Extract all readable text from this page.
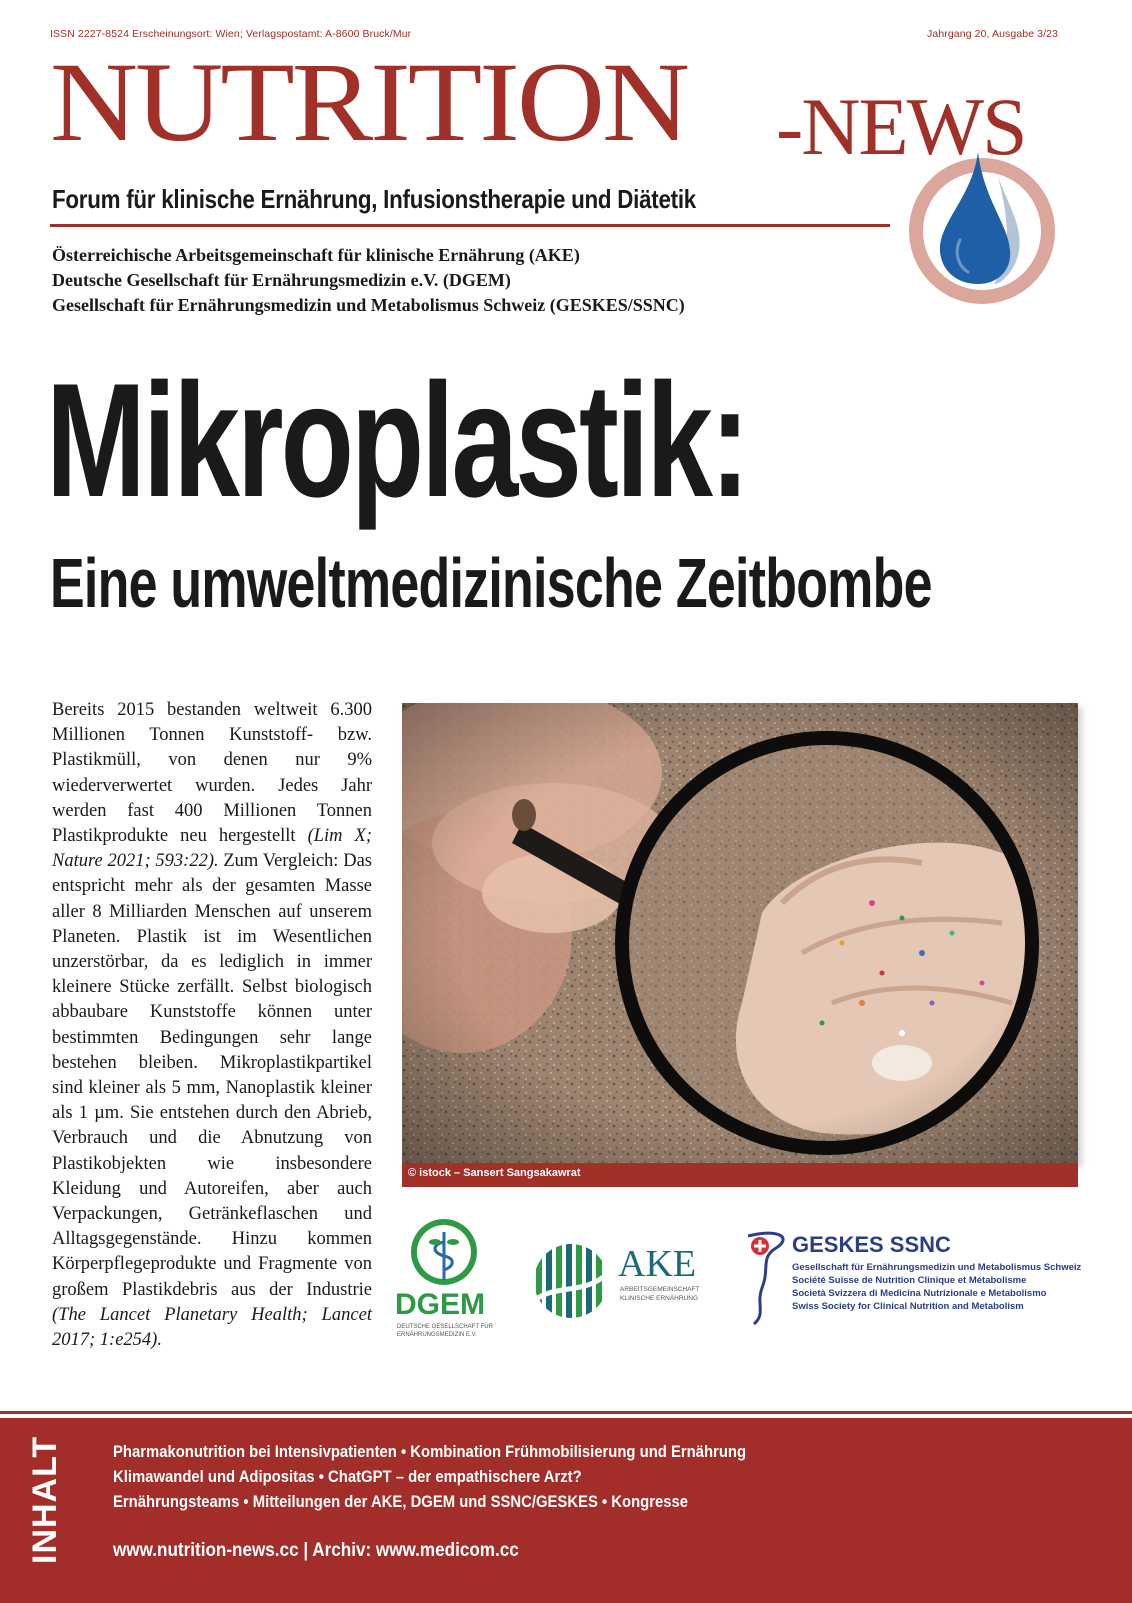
ISSN 2227-8524 Erscheinungsort: Wien; Verlagspostamt: A-8600 Bruck/Mur	Jahrgang 20, Ausgabe 3/23
NUTRITION -NEWS
Forum für klinische Ernährung, Infusionstherapie und Diätetik
Österreichische Arbeitsgemeinschaft für klinische Ernährung (AKE)
Deutsche Gesellschaft für Ernährungsmedizin e.V. (DGEM)
Gesellschaft für Ernährungsmedizin und Metabolismus Schweiz (GESKES/SSNC)
Mikroplastik:
Eine umweltmedizinische Zeitbombe
Bereits 2015 bestanden weltweit 6.300 Millionen Tonnen Kunststoff- bzw. Plastikmüll, von denen nur 9% wiederverwertet wurden. Jedes Jahr werden fast 400 Millionen Tonnen Plastikprodukte neu hergestellt (Lim X; Nature 2021; 593:22). Zum Vergleich: Das entspricht mehr als der gesamten Masse aller 8 Milliarden Menschen auf unserem Planeten. Plastik ist im Wesentlichen unzerstörbar, da es lediglich in immer kleinere Stücke zerfällt. Selbst biologisch abbaubare Kunststoffe können unter bestimmten Bedingungen sehr lange bestehen bleiben. Mikroplastikpartikel sind kleiner als 5 mm, Nanoplastik kleiner als 1 µm. Sie entstehen durch den Abrieb, Verbrauch und die Abnutzung von Plastikobjekten wie insbesondere Kleidung und Autoreifen, aber auch Verpackungen, Getränkeflaschen und Alltagsgegenstände. Hinzu kommen Körperpflegeprodukte und Fragmente von großem Plastikdebris aus der Industrie (The Lancet Planetary Health; Lancet 2017; 1:e254).
© istock – Sansert Sangsakawrat
DGEM
DEUTSCHE GESELLSCHAFT FÜR
ERNÄHRUNGSMEDIZIN E.V.
AKE
ARBEITSGEMEINSCHAFT
KLINISCHE ERNÄHRUNG
GESKES SSNC
Gesellschaft für Ernährungsmedizin und Metabolismus Schweiz
Société Suisse de Nutrition Clinique et Métabolisme
Società Svizzera di Medicina Nutrizionale e Metabolismo
Swiss Society for Clinical Nutrition and Metabolism
INHALT	Pharmakonutrition bei Intensivpatienten • Kombination Frühmobilisierung und Ernährung
Klimawandel und Adipositas • ChatGPT – der empathischere Arzt?
Ernährungsteams • Mitteilungen der AKE, DGEM und SSNC/GESKES • Kongresse
www.nutrition-news.cc | Archiv: www.medicom.cc
